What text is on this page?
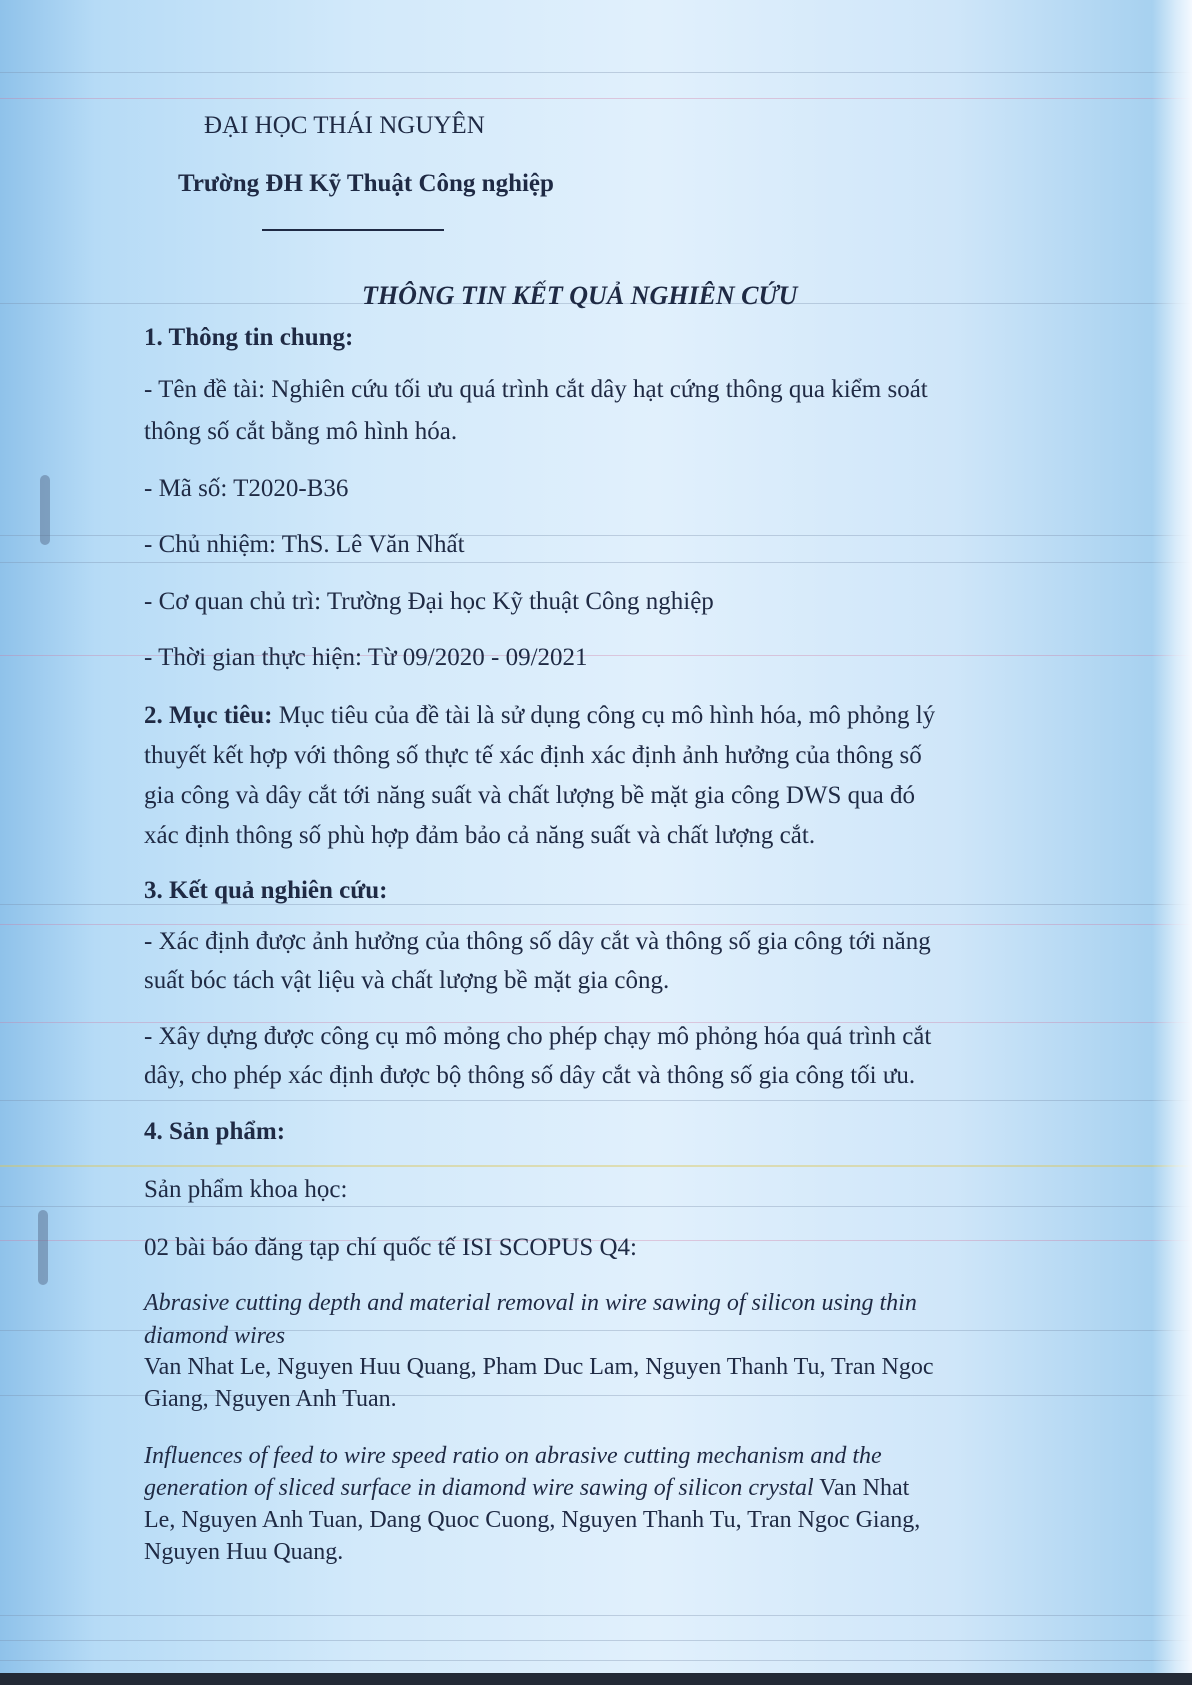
ĐẠI HỌC THÁI NGUYÊN

Trường ĐH Kỹ Thuật Công nghiệp

THÔNG TIN KẾT QUẢ NGHIÊN CỨU

1. Thông tin chung:

- Tên đề tài: Nghiên cứu tối ưu quá trình cắt dây hạt cứng thông qua kiểm soát

thông số cắt bằng mô hình hóa.

- Mã số: T2020-B36

- Chủ nhiệm: ThS. Lê Văn Nhất

- Cơ quan chủ trì: Trường Đại học Kỹ thuật Công nghiệp

- Thời gian thực hiện: Từ 09/2020 - 09/2021

2. Mục tiêu: Mục tiêu của đề tài là sử dụng công cụ mô hình hóa, mô phỏng lý

thuyết kết hợp với thông số thực tế xác định xác định ảnh hưởng của thông số

gia công và dây cắt tới năng suất và chất lượng bề mặt gia công DWS qua đó

xác định thông số phù hợp đảm bảo cả năng suất và chất lượng cắt.

3. Kết quả nghiên cứu:

- Xác định được ảnh hưởng của thông số dây cắt và thông số gia công tới năng

suất bóc tách vật liệu và chất lượng bề mặt gia công.

- Xây dựng được công cụ mô mỏng cho phép chạy mô phỏng hóa quá trình cắt

dây, cho phép xác định được bộ thông số dây cắt và thông số gia công tối ưu.

4. Sản phẩm:

Sản phẩm khoa học:

02 bài báo đăng tạp chí quốc tế ISI SCOPUS Q4:

Abrasive cutting depth and material removal in wire sawing of silicon using thin

diamond wires

Van Nhat Le, Nguyen Huu Quang, Pham Duc Lam, Nguyen Thanh Tu, Tran Ngoc

Giang, Nguyen Anh Tuan.

Influences of feed to wire speed ratio on abrasive cutting mechanism and the

generation of sliced surface in diamond wire sawing of silicon crystal Van Nhat

Le, Nguyen Anh Tuan, Dang Quoc Cuong, Nguyen Thanh Tu, Tran Ngoc Giang,

Nguyen Huu Quang.
